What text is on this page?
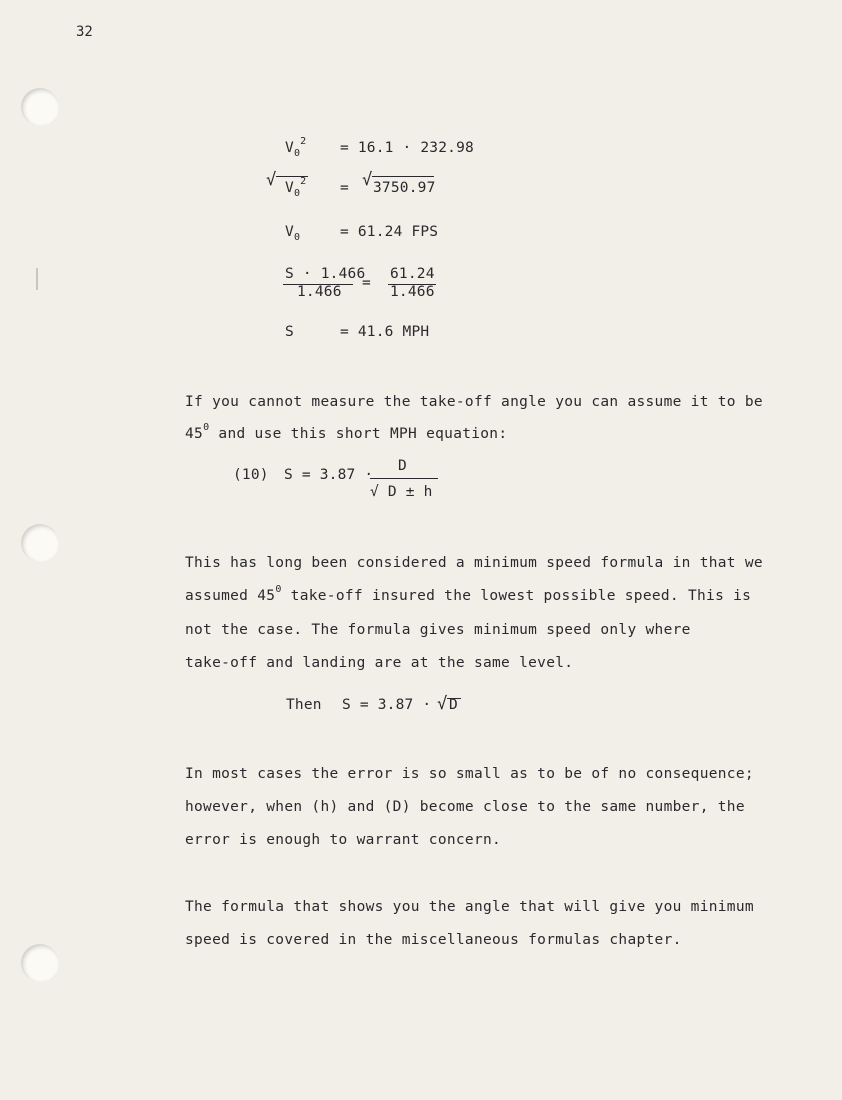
32
$V_0^2 = 16.1 \cdot 232.98$
√ $V_0^2$ = √ 3750.97
$V_0$	= 61.24 FPS
S · 1.466
1.466
=
61.24
1.466
S	= 41.6 MPH
If you cannot measure the take-off angle you can assume it to be
$45^0$ and use this short MPH equation:
(10) S = 3.87 ·
D
√ D ± h
This has long been considered a minimum speed formula in that we
assumed $45^0$ take-off insured the lowest possible speed. This is
not the case. The formula gives minimum speed only where
take-off and landing are at the same level.
Then S = 3.87 · √ D
In most cases the error is so small as to be of no consequence;
however, when (h) and (D) become close to the same number, the
error is enough to warrant concern.
The formula that shows you the angle that will give you minimum
speed is covered in the miscellaneous formulas chapter.
